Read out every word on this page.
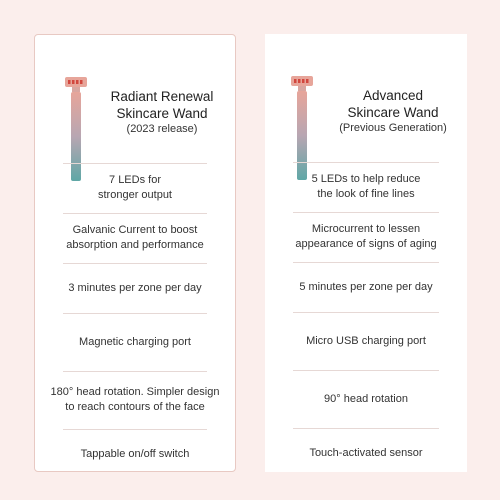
Radiant Renewal
Skincare Wand
(2023 release)
7 LEDs for
stronger output
Galvanic Current to boost
absorption and performance
3 minutes per zone per day
Magnetic charging port
180° head rotation. Simpler design
to reach contours of the face
Tappable on/off switch
Advanced
Skincare Wand
(Previous Generation)
5 LEDs to help reduce
the look of fine lines
Microcurrent to lessen
appearance of signs of aging
5 minutes per zone per day
Micro USB charging port
90° head rotation
Touch-activated sensor
